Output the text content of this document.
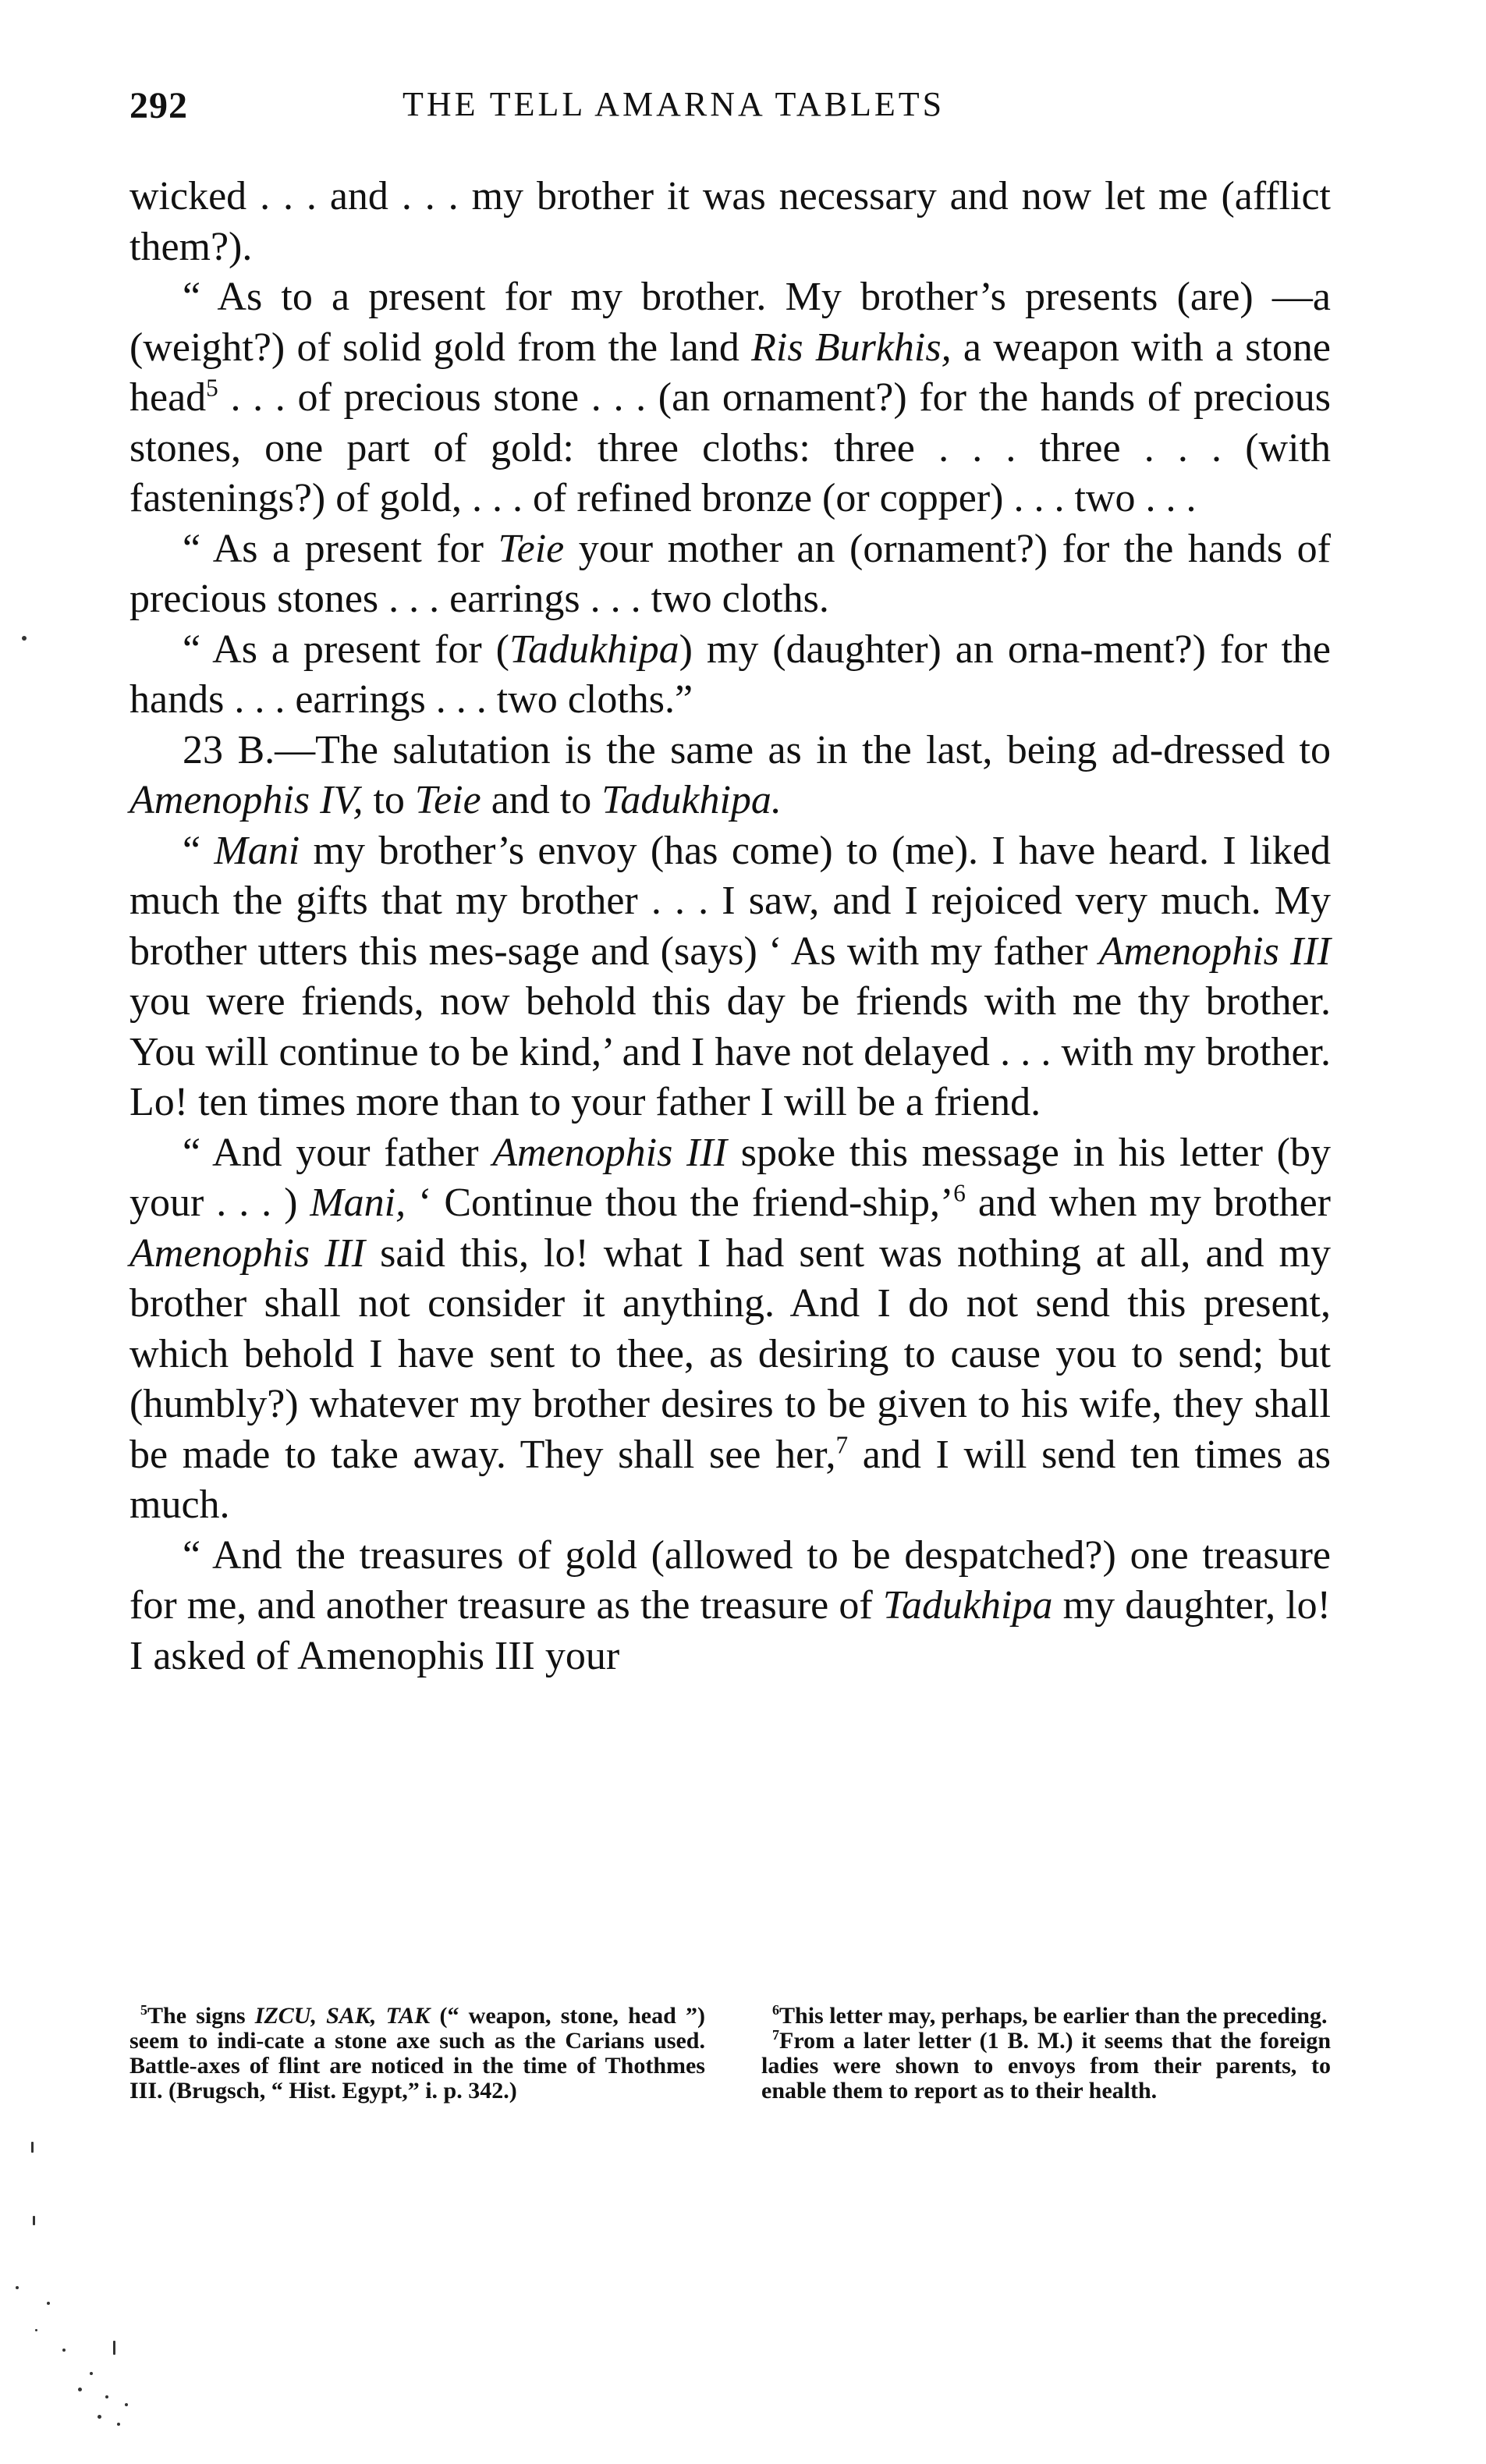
292	THE TELL AMARNA TABLETS

wicked . . . and . . . my brother it was necessary and now let me (afflict them?).

“ As to a present for my brother. My brother’s presents (are) —a (weight?) of solid gold from the land Ris Burkhis, a weapon with a stone head$^5$ . . . of precious stone . . . (an ornament?) for the hands of precious stones, one part of gold: three cloths: three . . . three . . . (with fastenings?) of gold, . . . of refined bronze (or copper) . . . two . . .

“ As a present for Teie your mother an (ornament?) for the hands of precious stones . . . earrings . . . two cloths.

“ As a present for (Tadukhipa) my (daughter) an orna-ment?) for the hands . . . earrings . . . two cloths.”

23 B.—The salutation is the same as in the last, being ad-dressed to Amenophis IV, to Teie and to Tadukhipa.

“ Mani my brother’s envoy (has come) to (me). I have heard. I liked much the gifts that my brother . . . I saw, and I rejoiced very much. My brother utters this mes-sage and (says) ‘ As with my father Amenophis III you were friends, now behold this day be friends with me thy brother. You will continue to be kind,’ and I have not delayed . . . with my brother. Lo! ten times more than to your father I will be a friend.

“ And your father Amenophis III spoke this message in his letter (by your . . . ) Mani, ‘ Continue thou the friend-ship,’$^6$ and when my brother Amenophis III said this, lo! what I had sent was nothing at all, and my brother shall not consider it anything. And I do not send this present, which behold I have sent to thee, as desiring to cause you to send; but (humbly?) whatever my brother desires to be given to his wife, they shall be made to take away. They shall see her,$^7$ and I will send ten times as much.

“ And the treasures of gold (allowed to be despatched?) one treasure for me, and another treasure as the treasure of Tadukhipa my daughter, lo! I asked of Amenophis III your

$^5$The signs IZCU, SAK, TAK (“ weapon, stone, head ”) seem to indi-cate a stone axe such as the Carians used. Battle-axes of flint are noticed in the time of Thothmes III. (Brugsch, “ Hist. Egypt,” i. p. 342.)

$^6$This letter may, perhaps, be earlier than the preceding.

$^7$From a later letter (1 B. M.) it seems that the foreign ladies were shown to envoys from their parents, to enable them to report as to their health.
